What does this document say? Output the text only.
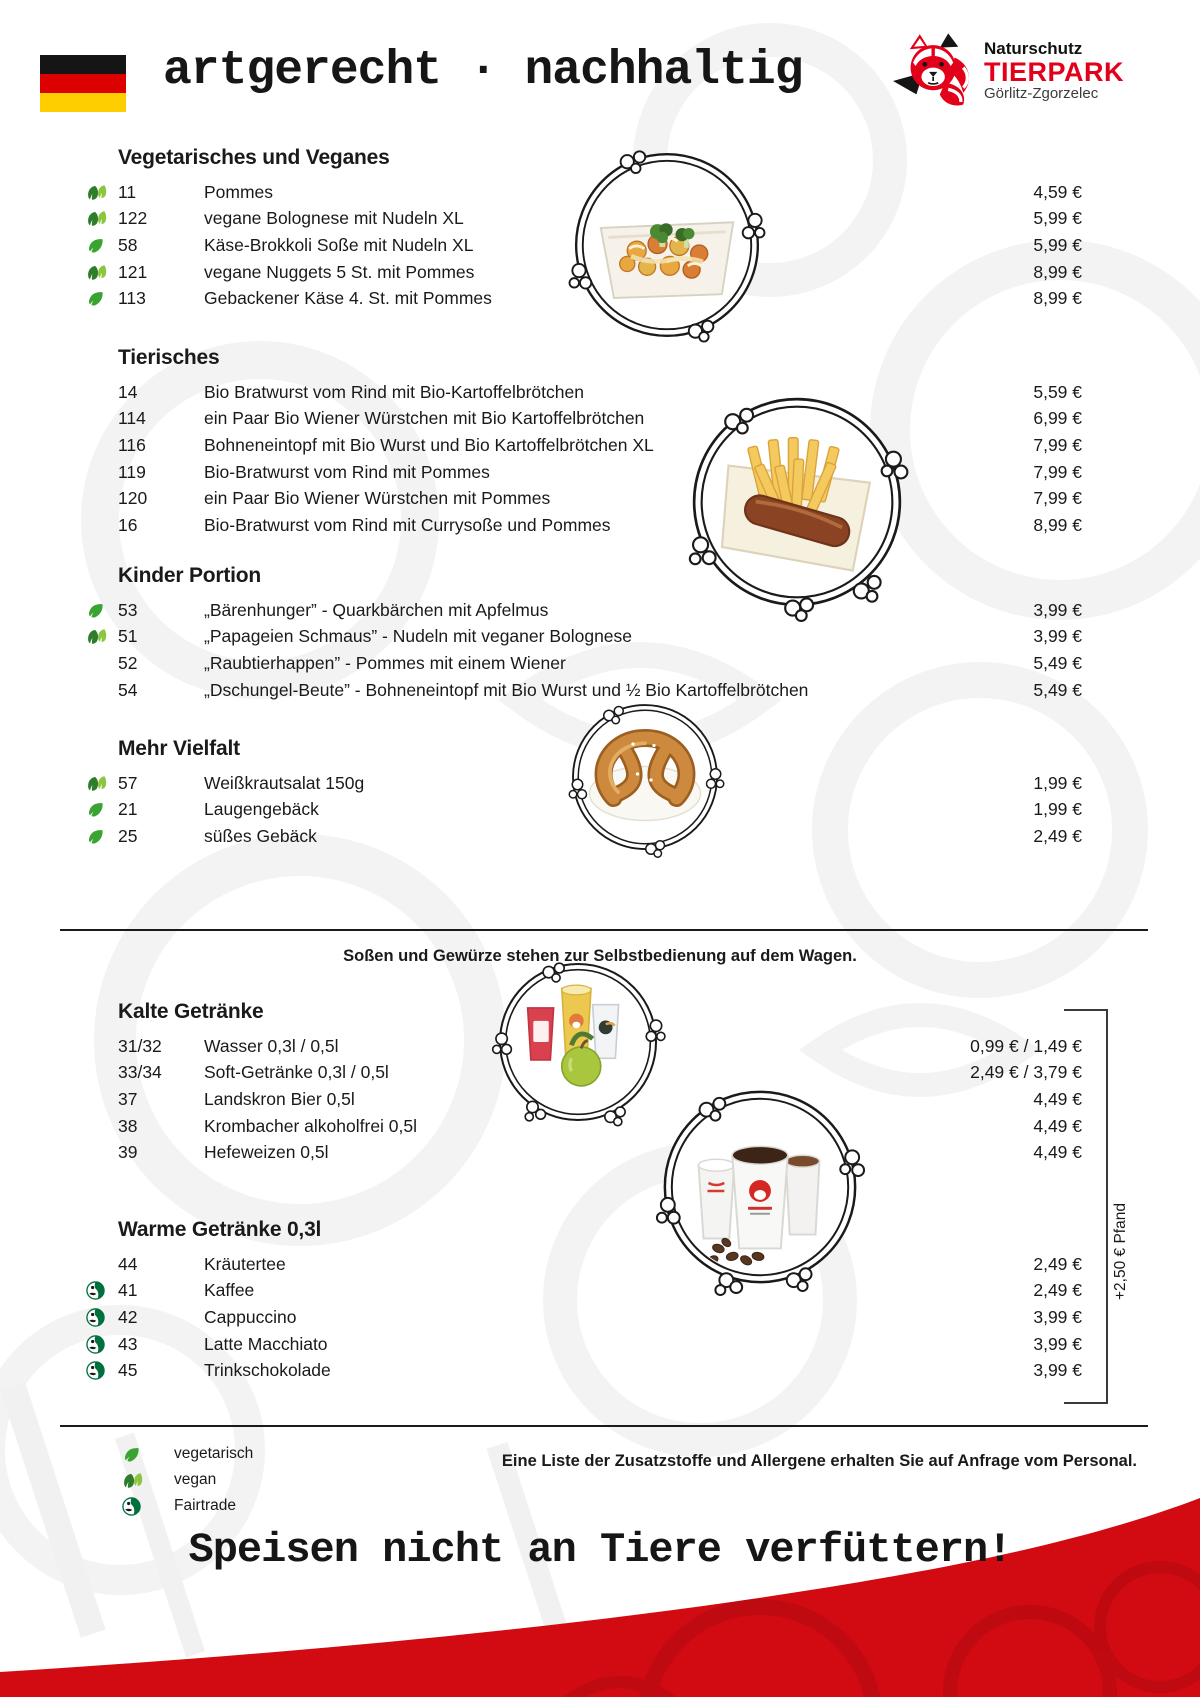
artgerecht · nachhaltig	Naturschutz
TIERPARK
Görlitz-Zgorzelec
Vegetarisches und Veganes
11	Pommes	4,59 €
122	vegane Bolognese mit Nudeln XL	5,99 €
58	Käse-Brokkoli Soße mit Nudeln XL	5,99 €
121	vegane Nuggets 5 St. mit Pommes	8,99 €
113	Gebackener Käse 4. St. mit Pommes	8,99 €
Tierisches
14	Bio Bratwurst vom Rind mit Bio-Kartoffelbrötchen	5,59 €
114	ein Paar Bio Wiener Würstchen mit Bio Kartoffelbrötchen	6,99 €
116	Bohneneintopf mit Bio Wurst und Bio Kartoffelbrötchen XL	7,99 €
119	Bio-Bratwurst vom Rind mit Pommes	7,99 €
120	ein Paar Bio Wiener Würstchen mit Pommes	7,99 €
16	Bio-Bratwurst vom Rind mit Currysoße und Pommes	8,99 €
Kinder Portion
53	„Bärenhunger” - Quarkbärchen mit Apfelmus	3,99 €
51	„Papageien Schmaus” - Nudeln mit veganer Bolognese	3,99 €
52	„Raubtierhappen” - Pommes mit einem Wiener	5,49 €
54	„Dschungel-Beute” - Bohneneintopf mit Bio Wurst und ½ Bio Kartoffelbrötchen	5,49 €
Mehr Vielfalt
57	Weißkrautsalat 150g	1,99 €
21	Laugengebäck	1,99 €
25	süßes Gebäck	2,49 €
Kalte Getränke
31/32	Wasser 0,3l / 0,5l	0,99 € / 1,49 €
33/34	Soft-Getränke 0,3l / 0,5l	2,49 € / 3,79 €
37	Landskron Bier 0,5l	4,49 €
38	Krombacher alkoholfrei 0,5l	4,49 €
39	Hefeweizen 0,5l	4,49 €
Warme Getränke 0,3l
44	Kräutertee	2,49 €
41	Kaffee	2,49 €
42	Cappuccino	3,99 €
43	Latte Macchiato	3,99 €
45	Trinkschokolade	3,99 €
Soßen und Gewürze stehen zur Selbstbedienung auf dem Wagen.
+2,50 € Pfand
vegetarisch
vegan
Fairtrade
Eine Liste der Zusatzstoffe und Allergene erhalten Sie auf Anfrage vom Personal.
Speisen nicht an Tiere verfüttern!
